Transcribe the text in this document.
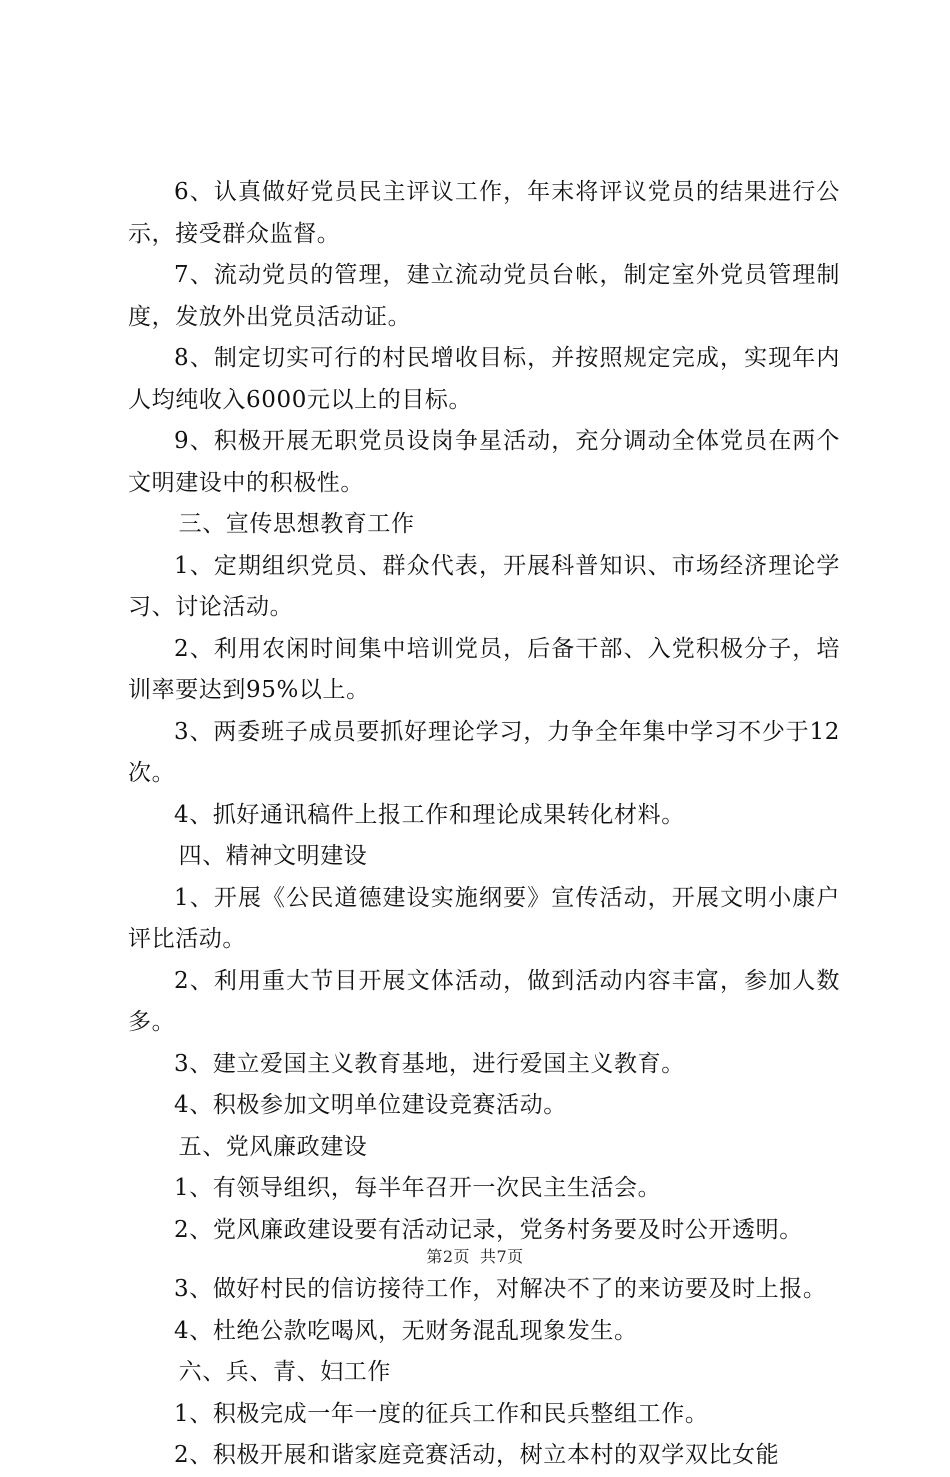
6、认真做好党员民主评议工作，年末将评议党员的结果进行公示，接受群众监督。

7、流动党员的管理，建立流动党员台帐，制定室外党员管理制度，发放外出党员活动证。

8、制定切实可行的村民增收目标，并按照规定完成，实现年内人均纯收入6000元以上的目标。

9、积极开展无职党员设岗争星活动，充分调动全体党员在两个文明建设中的积极性。

三、宣传思想教育工作

1、定期组织党员、群众代表，开展科普知识、市场经济理论学习、讨论活动。

2、利用农闲时间集中培训党员，后备干部、入党积极分子，培训率要达到95%以上。

3、两委班子成员要抓好理论学习，力争全年集中学习不少于12次。

4、抓好通讯稿件上报工作和理论成果转化材料。

四、精神文明建设

1、开展《公民道德建设实施纲要》宣传活动，开展文明小康户评比活动。

2、利用重大节目开展文体活动，做到活动内容丰富，参加人数多。

3、建立爱国主义教育基地，进行爱国主义教育。

4、积极参加文明单位建设竞赛活动。

五、党风廉政建设

1、有领导组织，每半年召开一次民主生活会。

2、党风廉政建设要有活动记录，党务村务要及时公开透明。

3、做好村民的信访接待工作，对解决不了的来访要及时上报。

4、杜绝公款吃喝风，无财务混乱现象发生。

六、兵、青、妇工作

1、积极完成一年一度的征兵工作和民兵整组工作。

2、积极开展和谐家庭竞赛活动，树立本村的双学双比女能

第2页 共7页
